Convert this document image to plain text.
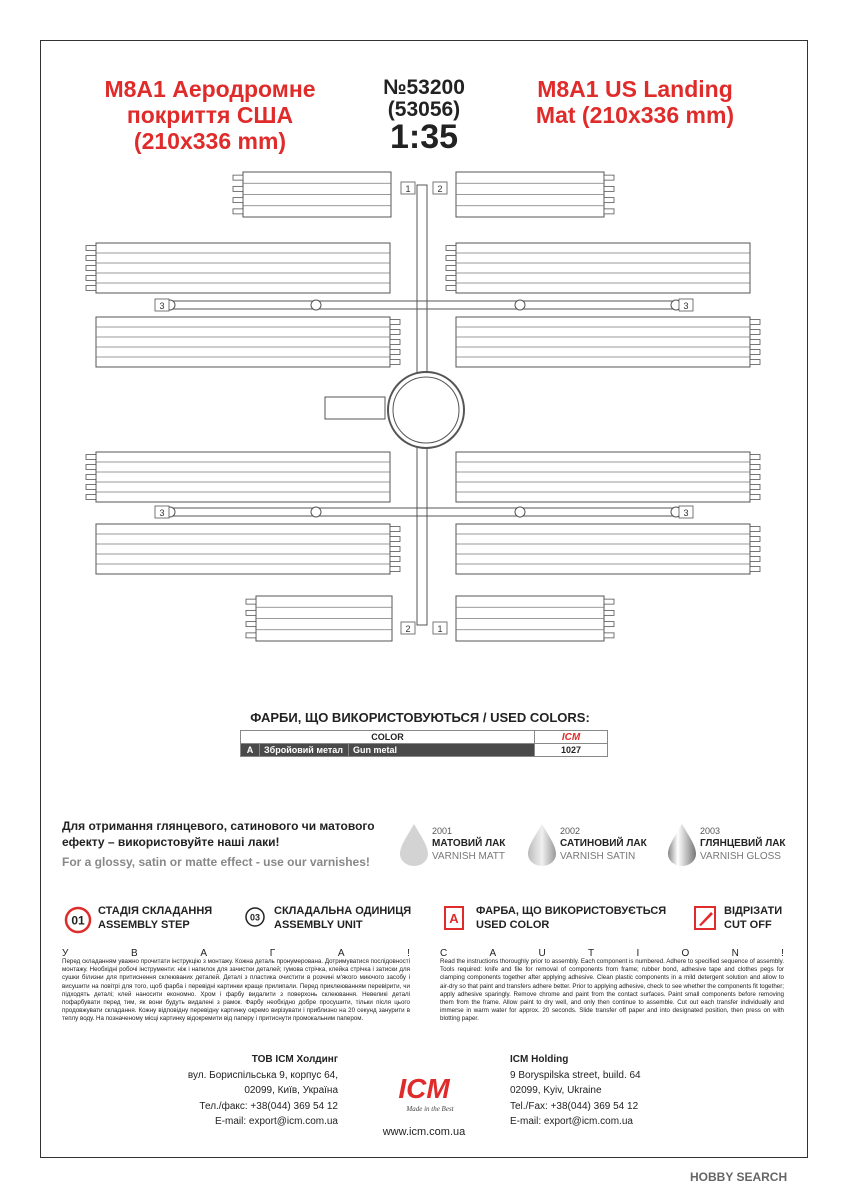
M8A1 Аеродромне
покриття США
(210x336 mm)
M8A1 US Landing
Mat (210x336 mm)
№53200
(53056)
1:35
1	2
3	3
3	3
2	1
ФАРБИ, ЩО ВИКОРИСТОВУЮТЬСЯ / USED COLORS:
COLOR			ICM
A	Збройовий метал	Gun metal	1027
Для отримання глянцевого, сатинового чи матового ефекту – використовуйте наші лаки!
For a glossy, satin or matte effect - use our varnishes!
2001
МАТОВИЙ ЛАК
VARNISH MATT
2002
САТИНОВИЙ ЛАК
VARNISH SATIN
2003
ГЛЯНЦЕВИЙ ЛАК
VARNISH GLOSS
01
СТАДІЯ СКЛАДАННЯ
ASSEMBLY STEP
03
СКЛАДАЛЬНА ОДИНИЦЯ
ASSEMBLY UNIT	A ФАРБА, ЩО ВИКОРИСТОВУЄТЬСЯ
USED COLOR
ВІДРІЗАТИ
CUT OFF
У	В	А	Г	А	!	C	A	U	T	I	O	N	!
Перед складанням уважно прочитати інструкцію з монтажу. Кожна деталь пронумерована. Дотримуватися послідовності монтажу. Необхідні робочі інструменти: ніж і напилок для зачистки деталей; гумова стрічка, клейка стрічка і затиски для сушки білизни для притиснення склеюваних деталей. Деталі з пластика очистити в розчині м'якого миючого засобу і висушити на повітрі для того, щоб фарба і перевідні картинки краще прилипали. Перед приклеюванням перевірити, чи підходять деталі; клей наносити економно. Хром і фарбу видалити з поверхонь склеювання. Невеликі деталі пофарбувати перед тим, як вони будуть видалені з рамок. Фарбу необхідно добре просушити, тільки після цього продовжувати складання. Кожну відповідну перевідну картинку окремо вирізувати і приблизно на 20 секунд занурити в теплу воду. На позначеному місці картинку відокремити від паперу і притиснути промокальним папером.
Read the instructions thoroughly prior to assembly. Each component is numbered. Adhere to specified sequence of assembly. Tools required: knife and file for removal of components from frame; rubber bond, adhesive tape and clothes pegs for clamping components together after applying adhesive. Clean plastic components in a mild detergent solution and allow to air-dry so that paint and transfers adhere better. Prior to applying adhesive, check to see whether the components fit together; apply adhesive sparingly. Remove chrome and paint from the contact surfaces. Paint small components before removing them from the frame. Allow paint to dry well, and only then continue to assemble. Cut out each transfer individually and immerse in warm water for approx. 20 seconds. Slide transfer off paper and into designated position, then press on with blotting paper.
ТОВ ICM Холдинг
вул. Бориспільська 9, корпус 64,
02099, Київ, Україна
Тел./факс: +38(044) 369 54 12
E-mail: export@icm.com.ua
ICM Holding
9 Boryspilska street, build. 64
02099, Kyiv, Ukraine
Tel./Fax: +38(044) 369 54 12
E-mail: export@icm.com.ua
ICM
Made in the Best
www.icm.com.ua
HOBBY SEARCH
